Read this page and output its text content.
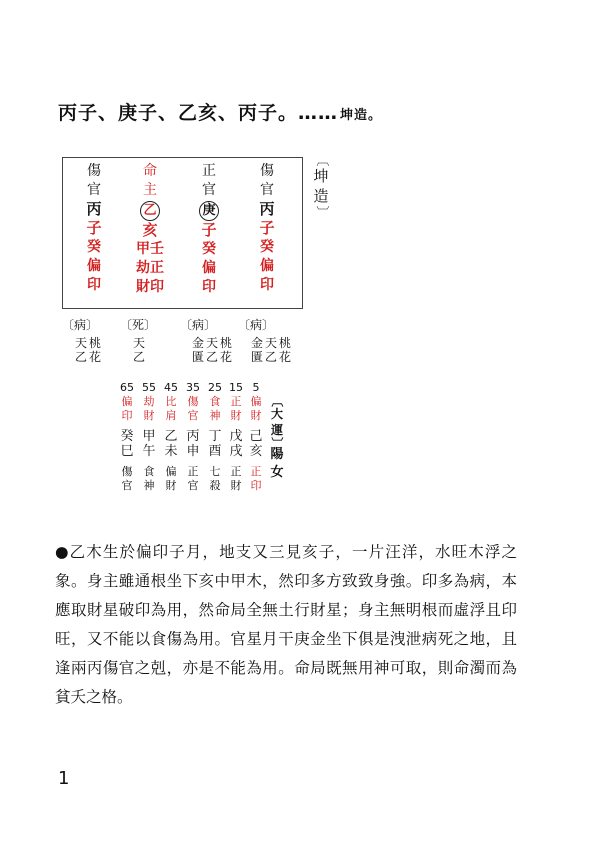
丙子、庚子、乙亥、丙子。…… 坤造。
傷
官
丙
子
癸
偏
印
命
主
乙
亥
甲壬
劫正
財印
正
官
庚
子
癸
偏
印
傷
官
丙
子
癸
偏
印
〔
坤
造
〕
〔病〕 〔死〕 〔病〕 〔病〕
桃
花
天
乙
天
乙
桃
花
天
乙
金
匱
桃
花
天
乙
金
匱
65
偏
印
癸
巳
傷
官
55
劫
財
甲
午
食
神
45
比
肩
乙
未
偏
財
35
傷
官
丙
申
正
官
25
食
神
丁
酉
七
殺
15
正
財
戊
戌
正
財
5
偏
財
己
亥
正
印
〔
大
運
〕
陽
女
●乙木生於偏印子月，地支又三見亥子，一片汪洋，水旺木浮之象。身主雖通根坐下亥中甲木，然印多方致致身強。印多為病，本應取財星破印為用，然命局全無土行財星；身主無明根而虛浮且印旺，又不能以食傷為用。官星月干庚金坐下俱是洩泄病死之地，且逢兩丙傷官之剋，亦是不能為用。命局既無用神可取，則命濁而為貧夭之格。
1
